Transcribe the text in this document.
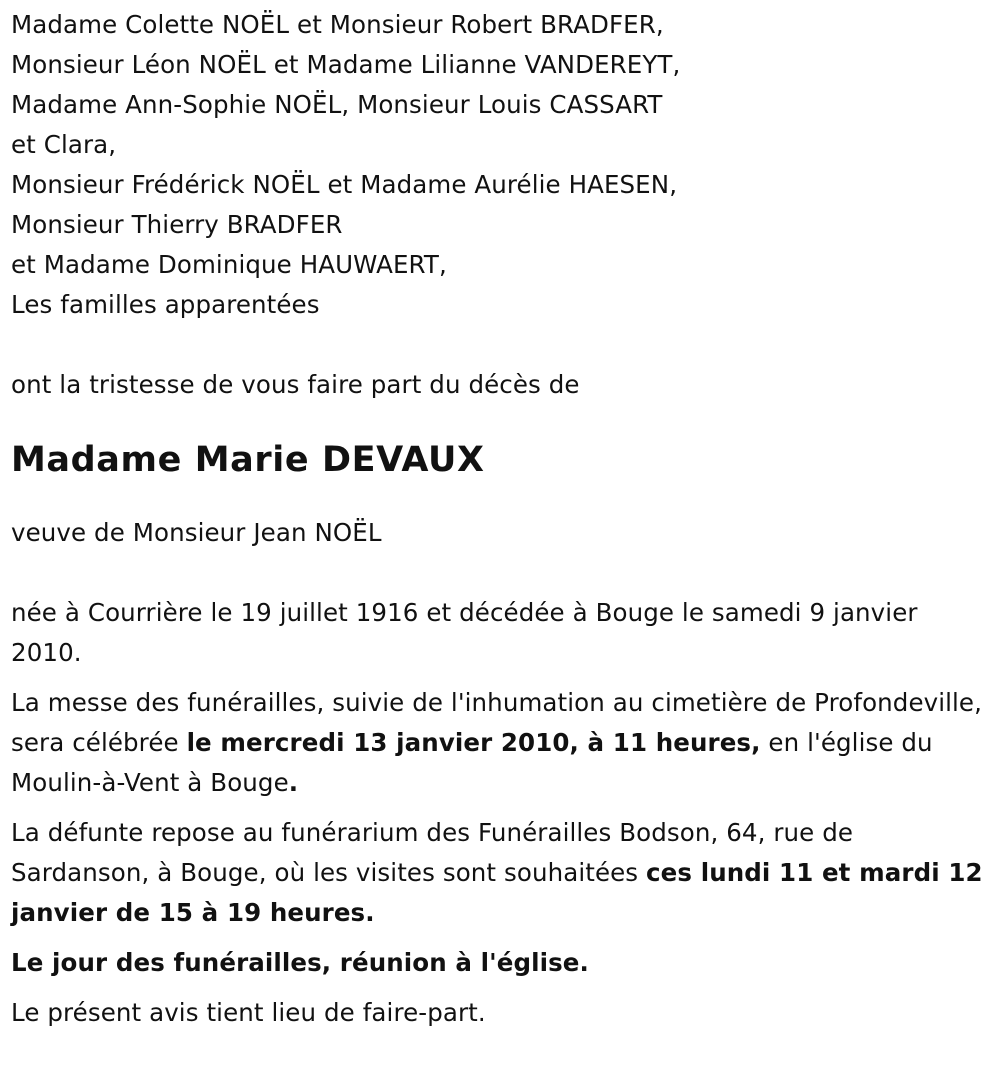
Madame Colette NOËL et Monsieur Robert BRADFER,
Monsieur Léon NOËL et Madame Lilianne VANDEREYT,
Madame Ann-Sophie NOËL, Monsieur Louis CASSART
et Clara,
Monsieur Frédérick NOËL et Madame Aurélie HAESEN,
Monsieur Thierry BRADFER
et Madame Dominique HAUWAERT,
Les familles apparentées
ont la tristesse de vous faire part du décès de
Madame Marie DEVAUX
veuve de Monsieur Jean NOËL
née à Courrière le 19 juillet 1916 et décédée à Bouge le samedi 9 janvier 2010.
La messe des funérailles, suivie de l'inhumation au cimetière de Profondeville, sera célébrée le mercredi 13 janvier 2010, à 11 heures, en l'église du Moulin-à-Vent à Bouge.
La défunte repose au funérarium des Funérailles Bodson, 64, rue de Sardanson, à Bouge, où les visites sont souhaitées ces lundi 11 et mardi 12 janvier de 15 à 19 heures.
Le jour des funérailles, réunion à l'église.
Le présent avis tient lieu de faire-part.
